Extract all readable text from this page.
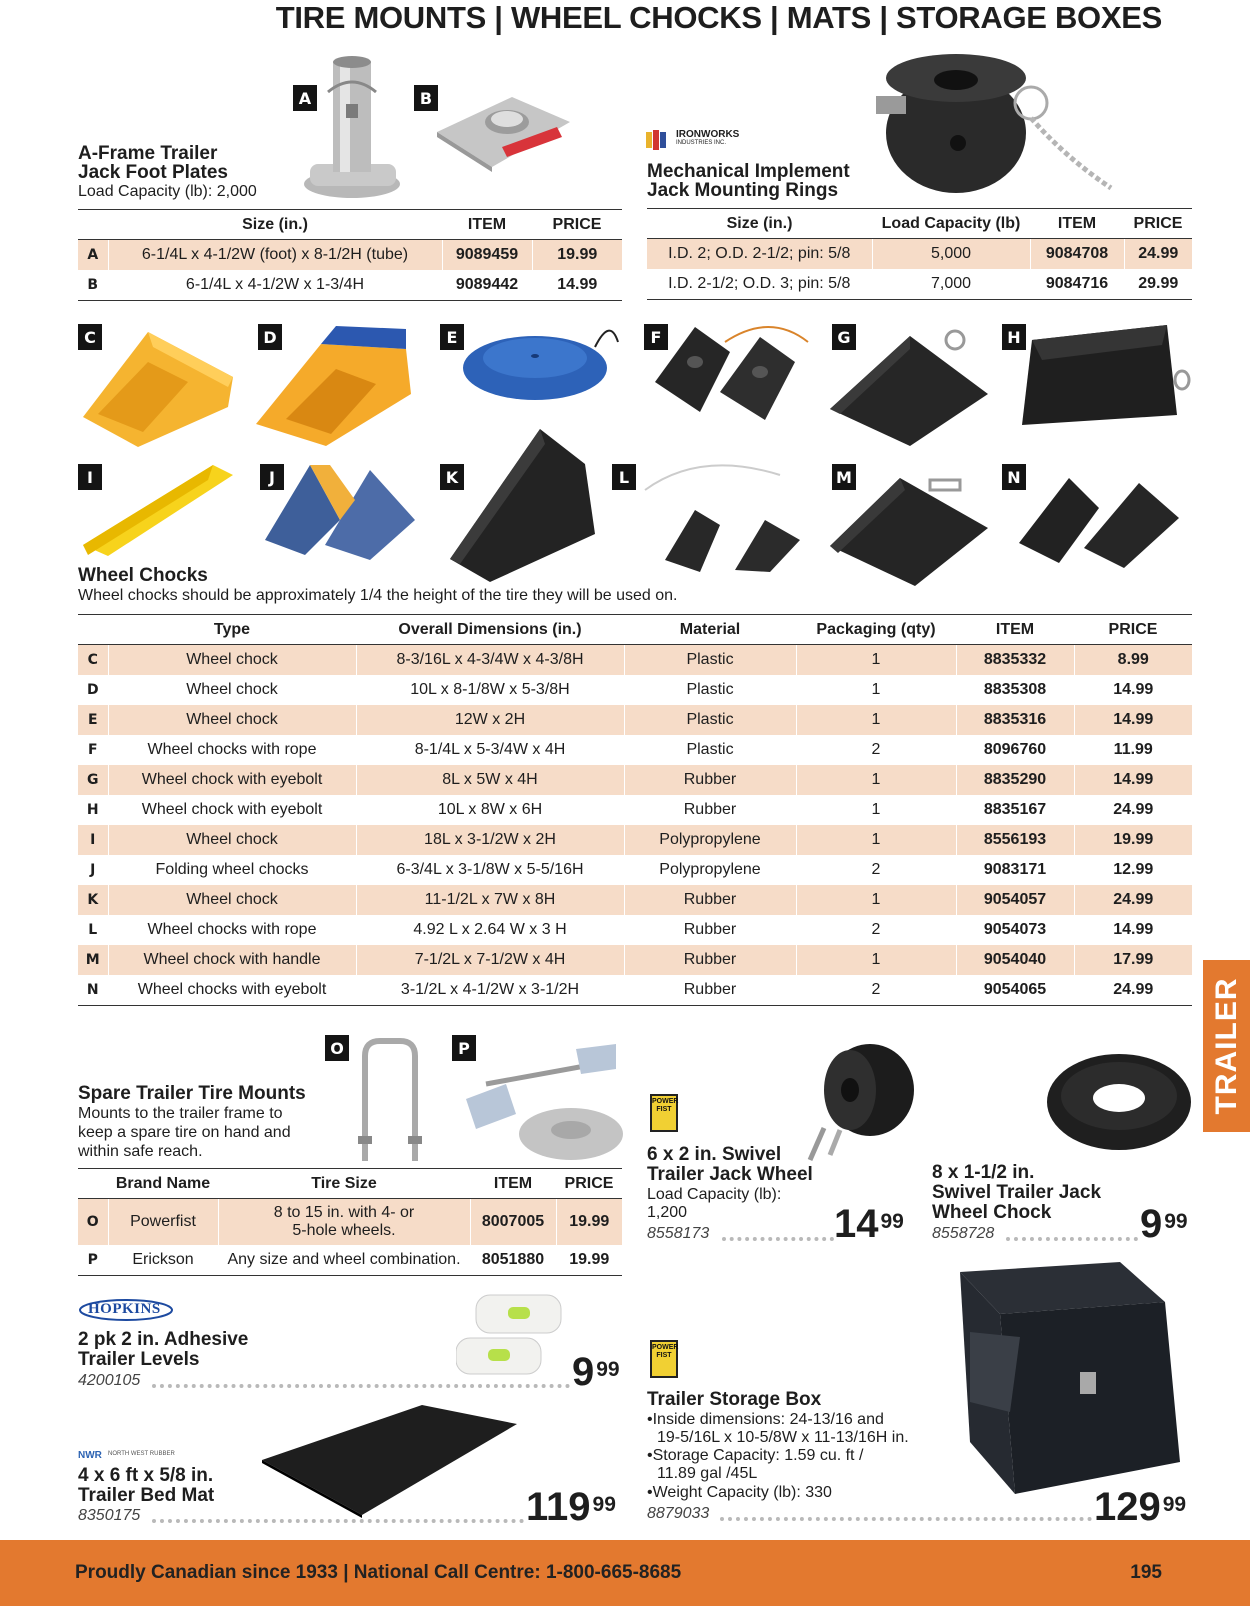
TIRE MOUNTS | WHEEL CHOCKS | MATS | STORAGE BOXES
A	B
A-Frame Trailer
Jack Foot Plates
Load Capacity (lb): 2,000
	Size (in.)	ITEM	PRICE
A	6-1/4L x 4-1/2W (foot) x 8-1/2H (tube)	9089459	19.99
B	6-1/4L x 4-1/2W x 1-3/4H	9089442	14.99
IRONWORKS
INDUSTRIES INC.
Mechanical Implement
Jack Mounting Rings
Size (in.)	Load Capacity (lb)	ITEM	PRICE
I.D. 2; O.D. 2-1/2; pin: 5/8	5,000	9084708	24.99
I.D. 2-1/2; O.D. 3; pin: 5/8	7,000	9084716	29.99
C	D	E	F	G	H
I	J	K	L	M	N
Wheel Chocks
Wheel chocks should be approximately 1/4 the height of the tire they will be used on.
	Type	Overall Dimensions (in.)	Material	Packaging (qty)	ITEM	PRICE
C	Wheel chock	8-3/16L x 4-3/4W x 4-3/8H	Plastic	1	8835332	8.99
D	Wheel chock	10L x 8-1/8W x 5-3/8H	Plastic	1	8835308	14.99
E	Wheel chock	12W x 2H	Plastic	1	8835316	14.99
F	Wheel chocks with rope	8-1/4L x 5-3/4W x 4H	Plastic	2	8096760	11.99
G	Wheel chock with eyebolt	8L x 5W x 4H	Rubber	1	8835290	14.99
H	Wheel chock with eyebolt	10L x 8W x 6H	Rubber	1	8835167	24.99
I	Wheel chock	18L x 3-1/2W x 2H	Polypropylene	1	8556193	19.99
J	Folding wheel chocks	6-3/4L x 3-1/8W x 5-5/16H	Polypropylene	2	9083171	12.99
K	Wheel chock	11-1/2L x 7W x 8H	Rubber	1	9054057	24.99
L	Wheel chocks with rope	4.92 L x 2.64 W x 3 H	Rubber	2	9054073	14.99
M	Wheel chock with handle	7-1/2L x 7-1/2W x 4H	Rubber	1	9054040	17.99
N	Wheel chocks with eyebolt	3-1/2L x 4-1/2W x 3-1/2H	Rubber	2	9054065	24.99
O	P
Spare Trailer Tire Mounts
Mounts to the trailer frame to
keep a spare tire on hand and
within safe reach.
	Brand Name	Tire Size	ITEM	PRICE
O	Powerfist	8 to 15 in. with 4- or
5-hole wheels.	8007005	19.99
P	Erickson	Any size and wheel combination.	8051880	19.99
POWER FIST
6 x 2 in. Swivel
Trailer Jack Wheel
Load Capacity (lb):
1,200
8558173	$14^{99}$
8 x 1-1/2 in.
Swivel Trailer Jack
Wheel Chock
8558728	$9^{99}$
HOPKINS
2 pk 2 in. Adhesive
Trailer Levels
4200105	$9^{99}$
NWR NORTH WEST RUBBER
4 x 6 ft x 5/8 in.
Trailer Bed Mat
8350175	$119^{99}$
POWER FIST
Trailer Storage Box
•Inside dimensions: 24-13/16 and
19-5/16L x 10-5/8W x 11-13/16H in.
•Storage Capacity: 1.59 cu. ft /
11.89 gal /45L
•Weight Capacity (lb): 330
8879033	$129^{99}$
TRAILER
Proudly Canadian since 1933 | National Call Centre: 1-800-665-8685	195
